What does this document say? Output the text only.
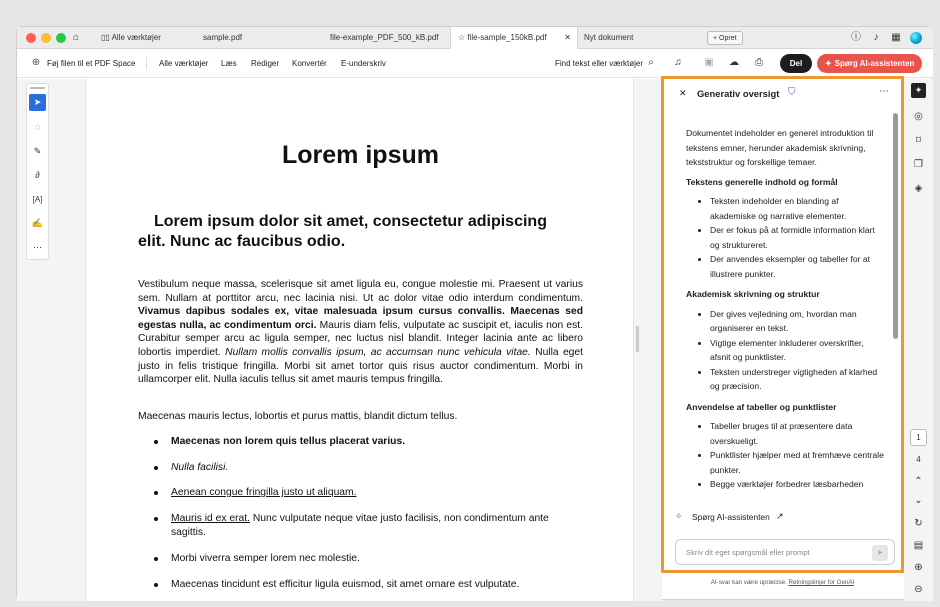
⌂	▯▯ Alle værktøjer	sample.pdf	file-example_PDF_500_kB.pdf	☆ file-sample_150kB.pdf ✕ Nyt dokument	+ Opret	ⓘ	♪	▦
⊕ Føj filen til et PDF Space	Alle værktøjer Læs Rediger Konvertér E-underskriv	Find tekst eller værktøjer ⌕	♫	▣ ☁	⎙	Del	✦ Spørg AI-assistenten
➤
◌
✎
∂
[A]
✍
⋯
Lorem ipsum
Lorem ipsum dolor sit amet, consectetur adipiscing elit. Nunc ac faucibus odio.
Vestibulum neque massa, scelerisque sit amet ligula eu, congue molestie mi. Praesent ut varius sem. Nullam at porttitor arcu, nec lacinia nisi. Ut ac dolor vitae odio interdum condimentum. Vivamus dapibus sodales ex, vitae malesuada ipsum cursus convallis. Maecenas sed egestas nulla, ac condimentum orci. Mauris diam felis, vulputate ac suscipit et, iaculis non est. Curabitur semper arcu ac ligula semper, nec luctus nisl blandit. Integer lacinia ante ac libero lobortis imperdiet. Nullam mollis convallis ipsum, ac accumsan nunc vehicula vitae. Nulla eget justo in felis tristique fringilla. Morbi sit amet tortor quis risus auctor condimentum. Morbi in ullamcorper elit. Nulla iaculis tellus sit amet mauris tempus fringilla.
Maecenas mauris lectus, lobortis et purus mattis, blandit dictum tellus.
Maecenas non lorem quis tellus placerat varius.
Nulla facilisi.
Aenean congue fringilla justo ut aliquam.
Mauris id ex erat. Nunc vulputate neque vitae justo facilisis, non condimentum ante sagittis.
Morbi viverra semper lorem nec molestie.
Maecenas tincidunt est efficitur ligula euismod, sit amet ornare est vulputate.
✕ Generativ oversigt ⛉	⋯

Dokumentet indeholder en generel introduktion til tekstens emner, herunder akademisk skrivning, tekststruktur og forskellige temaer.

Tekstens generelle indhold og formål

• Teksten indeholder en blanding af akademiske og narrative elementer.
• Der er fokus på at formidle information klart og struktureret.
• Der anvendes eksempler og tabeller for at illustrere punkter.

Akademisk skrivning og struktur

• Der gives vejledning om, hvordan man organiserer en tekst.
• Vigtige elementer inkluderer overskrifter, afsnit og punktlister.
• Teksten understreger vigtigheden af klarhed og præcision.

Anvendelse af tabeller og punktlister

• Tabeller bruges til at præsentere data overskueligt.
• Punktlister hjælper med at fremhæve centrale punkter.
• Begge værktøjer forbedrer læsbarheden
✧ Spørg AI-assistenten ↗
Skriv dit eget spørgsmål eller prompt	➤
AI-svar kan være upræcise. Retningslinjer for GenAI
✦
◎
⌑
❐
◈
1
4
⌃
⌄
↻
▤
⊕
⊖
